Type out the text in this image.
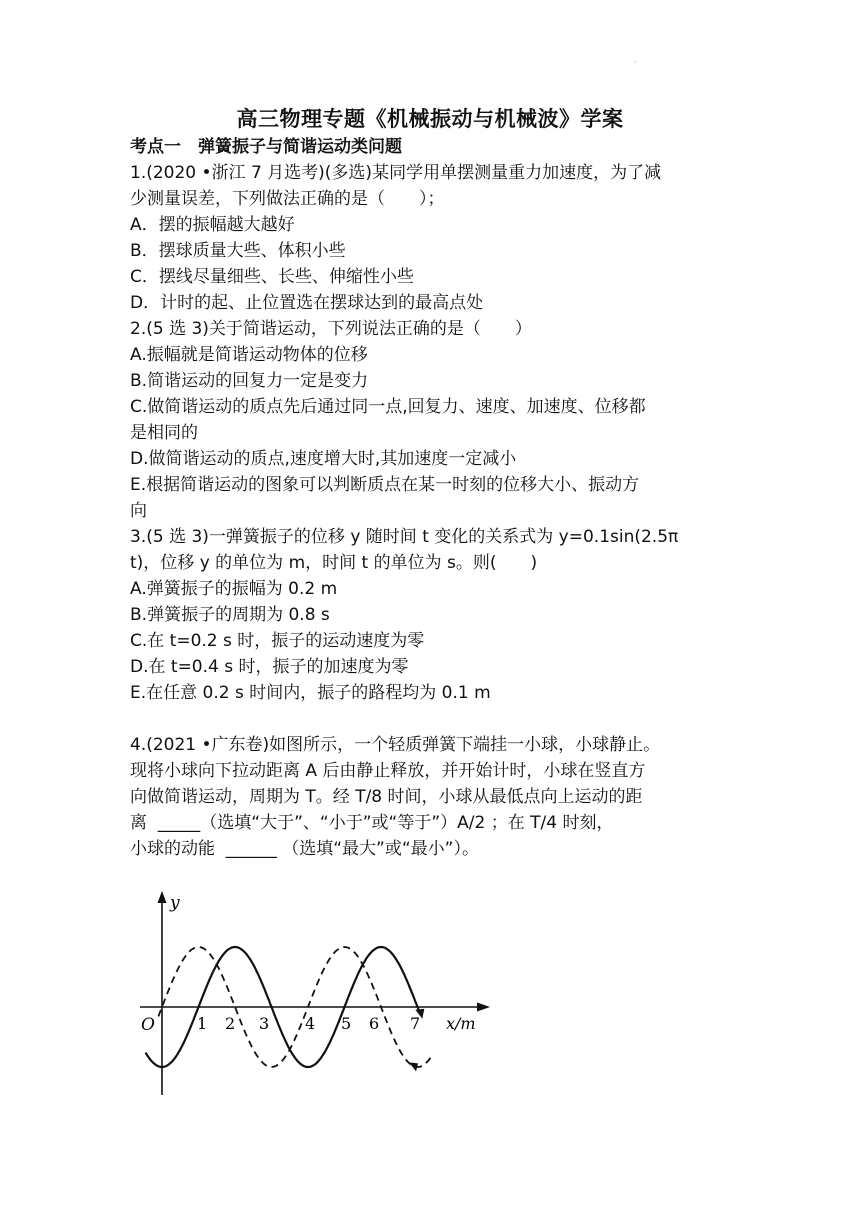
·
高三物理专题《机械振动与机械波》学案
考点一　弹簧振子与简谐运动类问题
1.(2020 •浙江 7 月选考)(多选)某同学用单摆测量重力加速度，为了减
少测量误差，下列做法正确的是（　　）；
A．摆的振幅越大越好
B．摆球质量大些、体积小些
C．摆线尽量细些、长些、伸缩性小些
D．计时的起、止位置选在摆球达到的最高点处
2.(5 选 3)关于简谐运动，下列说法正确的是（　　）
A.振幅就是简谐运动物体的位移
B.简谐运动的回复力一定是变力
C.做简谐运动的质点先后通过同一点,回复力、速度、加速度、位移都
是相同的
D.做简谐运动的质点,速度增大时,其加速度一定减小
E.根据简谐运动的图象可以判断质点在某一时刻的位移大小、振动方
向
3.(5 选 3)一弹簧振子的位移 y 随时间 t 变化的关系式为 y=0.1sin(2.5π
t)，位移 y 的单位为 m，时间 t 的单位为 s。则(　　)
A.弹簧振子的振幅为 0.2 m
B.弹簧振子的周期为 0.8 s
C.在 t=0.2 s 时，振子的运动速度为零
D.在 t=0.4 s 时，振子的加速度为零
E.在任意 0.2 s 时间内，振子的路程均为 0.1 m
4.(2021 •广东卷)如图所示，一个轻质弹簧下端挂一小球，小球静止。
现将小球向下拉动距离 A 后由静止释放，并开始计时，小球在竖直方
向做简谐运动，周期为 T。经 T/8 时间，小球从最低点向上运动的距
离  _____（选填“大于”、“小于”或“等于”）A/2 ；在 T/4 时刻，
小球的动能  ______ （选填“最大”或“最小”）。
y
O	x/m
1 2 3 4 5 6 7
